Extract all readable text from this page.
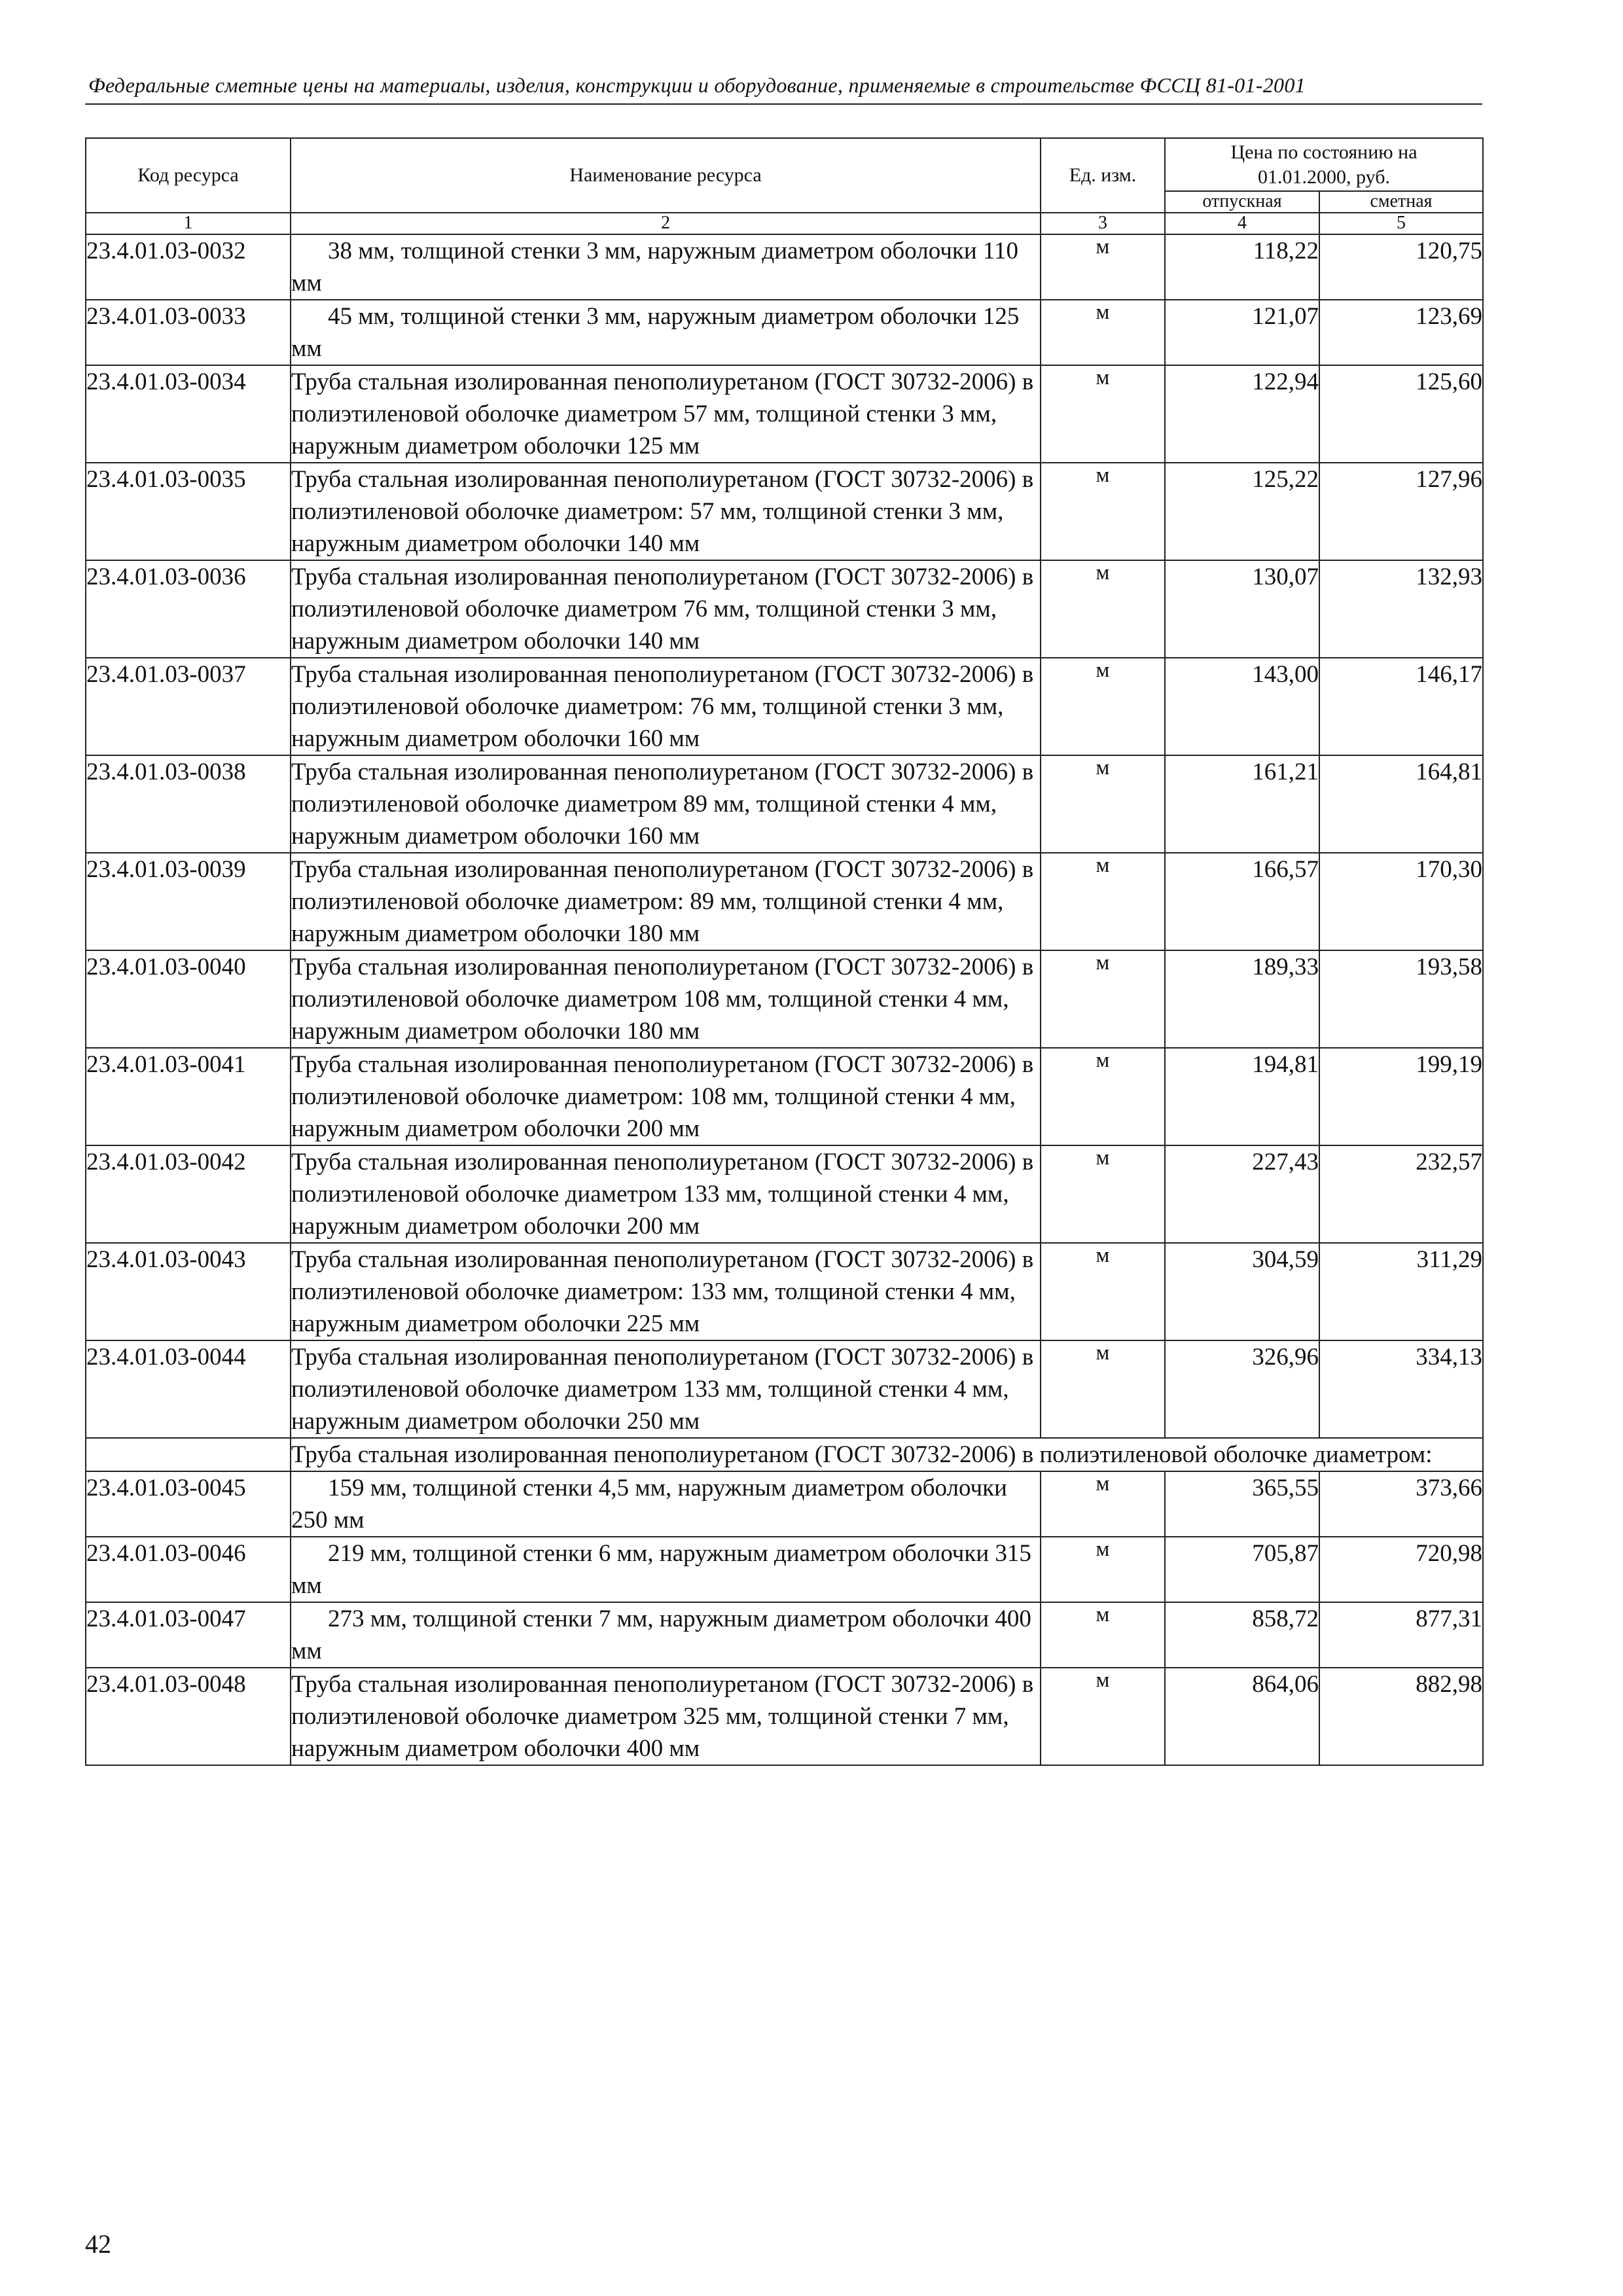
Федеральные сметные цены на материалы, изделия, конструкции и оборудование, применяемые в строительстве ФССЦ 81-01-2001
Код ресурса	Наименование ресурса	Ед. изм.	Цена по состоянию на 01.01.2000, руб.	
			отпускная	сметная
1	2	3	4	5
23.4.01.03-0032	38 мм, толщиной стенки 3 мм, наружным диаметром оболочки 110 мм	м	118,22	120,75
23.4.01.03-0033	45 мм, толщиной стенки 3 мм, наружным диаметром оболочки 125 мм	м	121,07	123,69
23.4.01.03-0034	Труба стальная изолированная пенополиуретаном (ГОСТ 30732-2006) в полиэтиленовой оболочке диаметром 57 мм, толщиной стенки 3 мм, наружным диаметром оболочки 125 мм	м	122,94	125,60
23.4.01.03-0035	Труба стальная изолированная пенополиуретаном (ГОСТ 30732-2006) в полиэтиленовой оболочке диаметром: 57 мм, толщиной стенки 3 мм, наружным диаметром оболочки 140 мм	м	125,22	127,96
23.4.01.03-0036	Труба стальная изолированная пенополиуретаном (ГОСТ 30732-2006) в полиэтиленовой оболочке диаметром 76 мм, толщиной стенки 3 мм, наружным диаметром оболочки 140 мм	м	130,07	132,93
23.4.01.03-0037	Труба стальная изолированная пенополиуретаном (ГОСТ 30732-2006) в полиэтиленовой оболочке диаметром: 76 мм, толщиной стенки 3 мм, наружным диаметром оболочки 160 мм	м	143,00	146,17
23.4.01.03-0038	Труба стальная изолированная пенополиуретаном (ГОСТ 30732-2006) в полиэтиленовой оболочке диаметром 89 мм, толщиной стенки 4 мм, наружным диаметром оболочки 160 мм	м	161,21	164,81
23.4.01.03-0039	Труба стальная изолированная пенополиуретаном (ГОСТ 30732-2006) в полиэтиленовой оболочке диаметром: 89 мм, толщиной стенки 4 мм, наружным диаметром оболочки 180 мм	м	166,57	170,30
23.4.01.03-0040	Труба стальная изолированная пенополиуретаном (ГОСТ 30732-2006) в полиэтиленовой оболочке диаметром 108 мм, толщиной стенки 4 мм, наружным диаметром оболочки 180 мм	м	189,33	193,58
23.4.01.03-0041	Труба стальная изолированная пенополиуретаном (ГОСТ 30732-2006) в полиэтиленовой оболочке диаметром: 108 мм, толщиной стенки 4 мм, наружным диаметром оболочки 200 мм	м	194,81	199,19
23.4.01.03-0042	Труба стальная изолированная пенополиуретаном (ГОСТ 30732-2006) в полиэтиленовой оболочке диаметром 133 мм, толщиной стенки 4 мм, наружным диаметром оболочки 200 мм	м	227,43	232,57
23.4.01.03-0043	Труба стальная изолированная пенополиуретаном (ГОСТ 30732-2006) в полиэтиленовой оболочке диаметром: 133 мм, толщиной стенки 4 мм, наружным диаметром оболочки 225 мм	м	304,59	311,29
23.4.01.03-0044	Труба стальная изолированная пенополиуретаном (ГОСТ 30732-2006) в полиэтиленовой оболочке диаметром 133 мм, толщиной стенки 4 мм, наружным диаметром оболочки 250 мм	м	326,96	334,13
	Труба стальная изолированная пенополиуретаном (ГОСТ 30732-2006) в полиэтиленовой оболочке диаметром:			
23.4.01.03-0045	159 мм, толщиной стенки 4,5 мм, наружным диаметром оболочки 250 мм	м	365,55	373,66
23.4.01.03-0046	219 мм, толщиной стенки 6 мм, наружным диаметром оболочки 315 мм	м	705,87	720,98
23.4.01.03-0047	273 мм, толщиной стенки 7 мм, наружным диаметром оболочки 400 мм	м	858,72	877,31
23.4.01.03-0048	Труба стальная изолированная пенополиуретаном (ГОСТ 30732-2006) в полиэтиленовой оболочке диаметром 325 мм, толщиной стенки 7 мм, наружным диаметром оболочки 400 мм	м	864,06	882,98
42
